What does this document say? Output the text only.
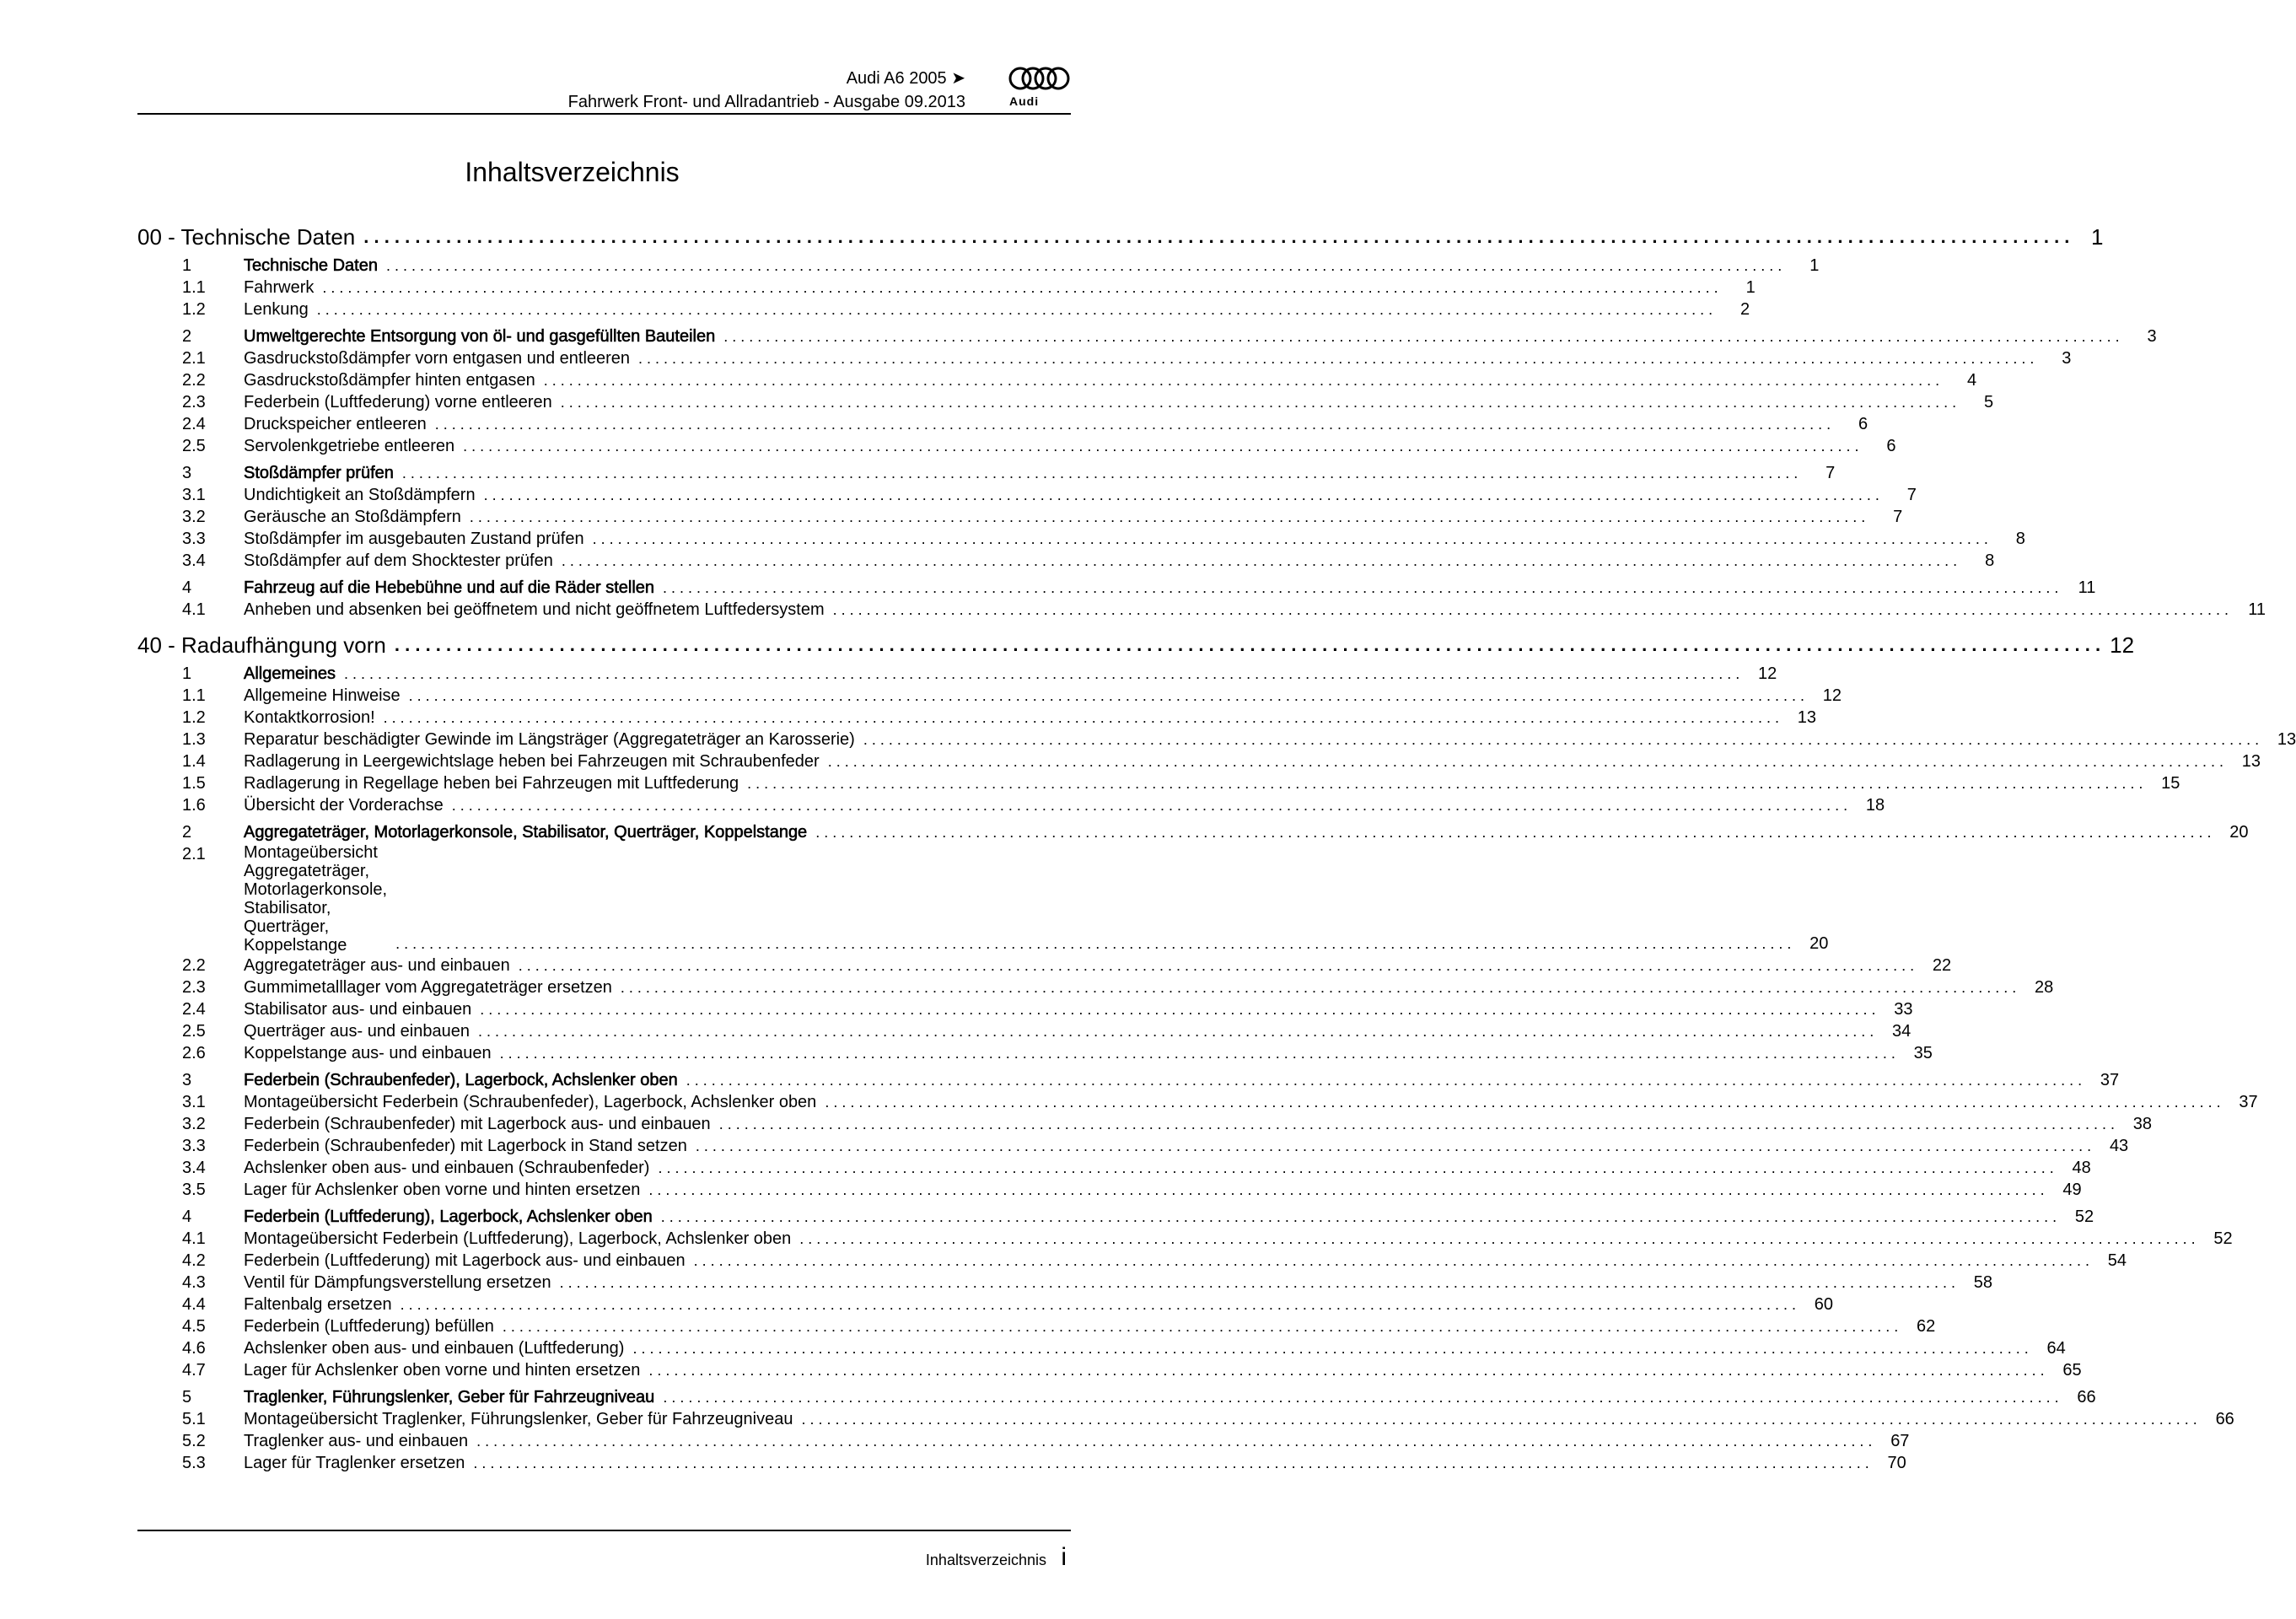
Audi A6 2005 ➤
Fahrwerk Front- und Allradantrieb - Ausgabe 09.2013	Audi
Inhaltsverzeichnis
00 - Technische Daten . . .	1
1	Technische Daten . . .	1
1.1	Fahrwerk . . .	1
1.2	Lenkung . . .	2
2	Umweltgerechte Entsorgung von öl- und gasgefüllten Bauteilen . . .	3
2.1	Gasdruckstoßdämpfer vorn entgasen und entleeren . . .	3
2.2	Gasdruckstoßdämpfer hinten entgasen . . .	4
2.3	Federbein (Luftfederung) vorne entleeren . . .	5
2.4	Druckspeicher entleeren . . .	6
2.5	Servolenkgetriebe entleeren . . .	6
3	Stoßdämpfer prüfen . . .	7
3.1	Undichtigkeit an Stoßdämpfern . . .	7
3.2	Geräusche an Stoßdämpfern . . .	7
3.3	Stoßdämpfer im ausgebauten Zustand prüfen . . .	8
3.4	Stoßdämpfer auf dem Shocktester prüfen . . .	8
4	Fahrzeug auf die Hebebühne und auf die Räder stellen . . .	11
4.1	Anheben und absenken bei geöffnetem und nicht geöffnetem Luftfedersystem . . .	11
40 - Radaufhängung vorn . . .	12
1	Allgemeines . . .	12
1.1	Allgemeine Hinweise . . .	12
1.2	Kontaktkorrosion! . . .	13
1.3	Reparatur beschädigter Gewinde im Längsträger (Aggregateträger an Karosserie) . . .	13
1.4	Radlagerung in Leergewichtslage heben bei Fahrzeugen mit Schraubenfeder . . .	13
1.5	Radlagerung in Regellage heben bei Fahrzeugen mit Luftfederung . . .	15
1.6	Übersicht der Vorderachse . . .	18
2	Aggregateträger, Motorlagerkonsole, Stabilisator, Querträger, Koppelstange . . .	20
2.1	Montageübersicht Aggregateträger, Motorlagerkonsole, Stabilisator, Querträger, Koppelstange . . .	20
2.2	Aggregateträger aus- und einbauen . . .	22
2.3	Gummimetalllager vom Aggregateträger ersetzen . . .	28
2.4	Stabilisator aus- und einbauen . . .	33
2.5	Querträger aus- und einbauen . . .	34
2.6	Koppelstange aus- und einbauen . . .	35
3	Federbein (Schraubenfeder), Lagerbock, Achslenker oben . . .	37
3.1	Montageübersicht Federbein (Schraubenfeder), Lagerbock, Achslenker oben . . .	37
3.2	Federbein (Schraubenfeder) mit Lagerbock aus- und einbauen . . .	38
3.3	Federbein (Schraubenfeder) mit Lagerbock in Stand setzen . . .	43
3.4	Achslenker oben aus- und einbauen (Schraubenfeder) . . .	48
3.5	Lager für Achslenker oben vorne und hinten ersetzen . . .	49
4	Federbein (Luftfederung), Lagerbock, Achslenker oben . . .	52
4.1	Montageübersicht Federbein (Luftfederung), Lagerbock, Achslenker oben . . .	52
4.2	Federbein (Luftfederung) mit Lagerbock aus- und einbauen . . .	54
4.3	Ventil für Dämpfungsverstellung ersetzen . . .	58
4.4	Faltenbalg ersetzen . . .	60
4.5	Federbein (Luftfederung) befüllen . . .	62
4.6	Achslenker oben aus- und einbauen (Luftfederung) . . .	64
4.7	Lager für Achslenker oben vorne und hinten ersetzen . . .	65
5	Traglenker, Führungslenker, Geber für Fahrzeugniveau . . .	66
5.1	Montageübersicht Traglenker, Führungslenker, Geber für Fahrzeugniveau . . .	66
5.2	Traglenker aus- und einbauen . . .	67
5.3	Lager für Traglenker ersetzen . . .	70
Inhaltsverzeichnis i
